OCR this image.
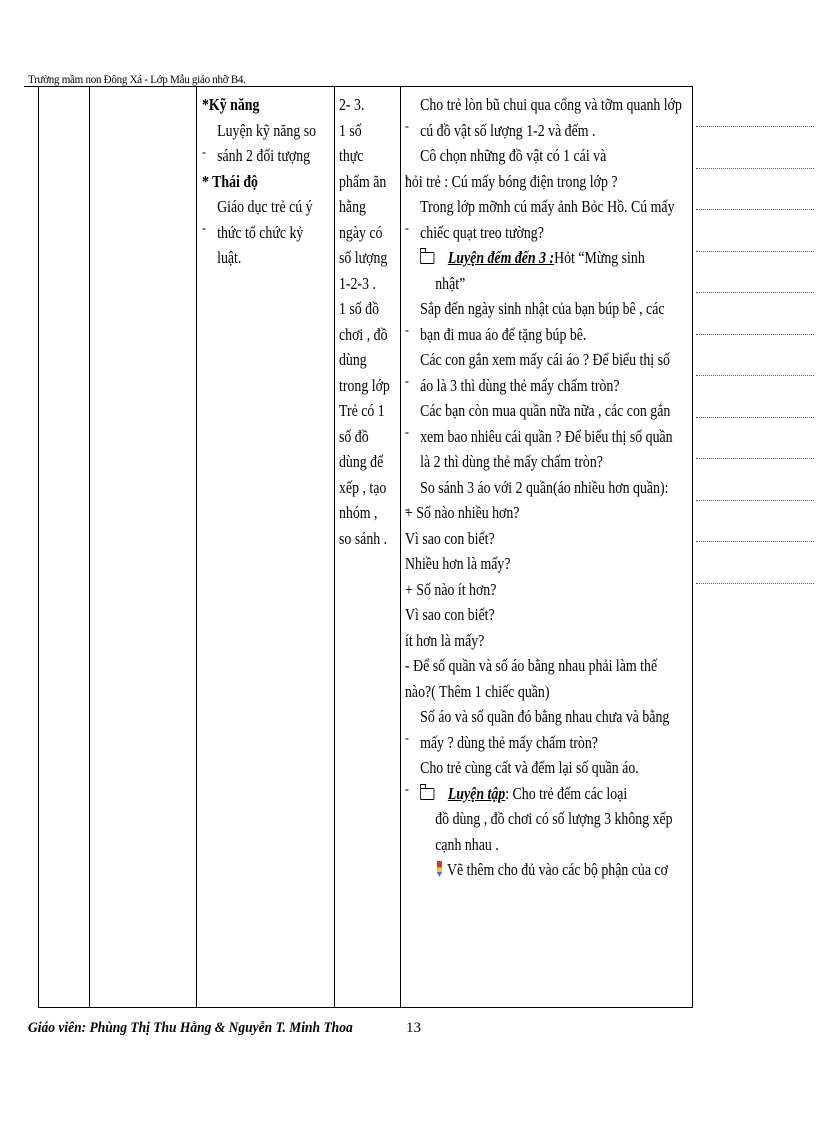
Trường mầm non Đông Xá - Lớp Mẫu giáo nhỡ B4.
*Kỹ năng
Luyện kỹ năng so
sánh 2 đối tượng
* Thái độ
Giáo dục trẻ cú ý
thức tổ chức kỷ
luật.
2- 3.
1 số
thực
phẩm ăn
hằng
ngày có
số lượng
1-2-3 .
1 số đồ
chơi , đồ
dùng
trong lớp
Trẻ có 1
số đồ
dùng để
xếp , tạo
nhóm ,
so sánh .
Cho trẻ lòn bũ chui qua cổng và tỡm quanh lớp
cú đồ vật số lượng 1-2 và đếm .
Cô chọn những đồ vật có 1 cái và
hỏi trẻ : Cú mấy bóng điện trong lớp ?
Trong lớp mỡnh cú mấy ảnh Bỏc Hồ. Cú mấy
chiếc quạt treo tường?
Luyện đếm đến 3 :Hỏt “Mừng sinh
nhật”
Sắp đến ngày sinh nhật của bạn búp bê , các
bạn đi mua áo để tặng búp bê.
Các con gắn xem mấy cái áo ? Để biểu thị số
áo là 3 thì dùng thẻ mấy chấm tròn?
Các bạn còn mua quần nữa nữa , các con gắn
xem bao nhiêu cái quần ? Để biểu thị số quần
là 2 thì dùng thẻ mấy chấm tròn?
So sánh 3 áo với 2 quần(áo nhiều hơn quần):
+ Số nào nhiều hơn?
Vì sao con biết?
Nhiều hơn là mấy?
+ Số nào ít hơn?
Vì sao con biết?
ít hơn là mấy?
- Để số quần và số áo bằng nhau phải làm thế
nào?( Thêm 1 chiếc quần)
Số áo và số quần đó bằng nhau chưa và bằng
mấy ? dùng thẻ mấy chấm tròn?
Cho trẻ cùng cất và đếm lại số quần áo.
Luyện tập: Cho trẻ đếm các loại
đồ dùng , đồ chơi có số lượng 3 không xếp
cạnh nhau .
Vẽ thêm cho đủ vào các bộ phận của cơ
Giáo viên: Phùng Thị Thu Hằng & Nguyễn T. Minh Thoa	13
